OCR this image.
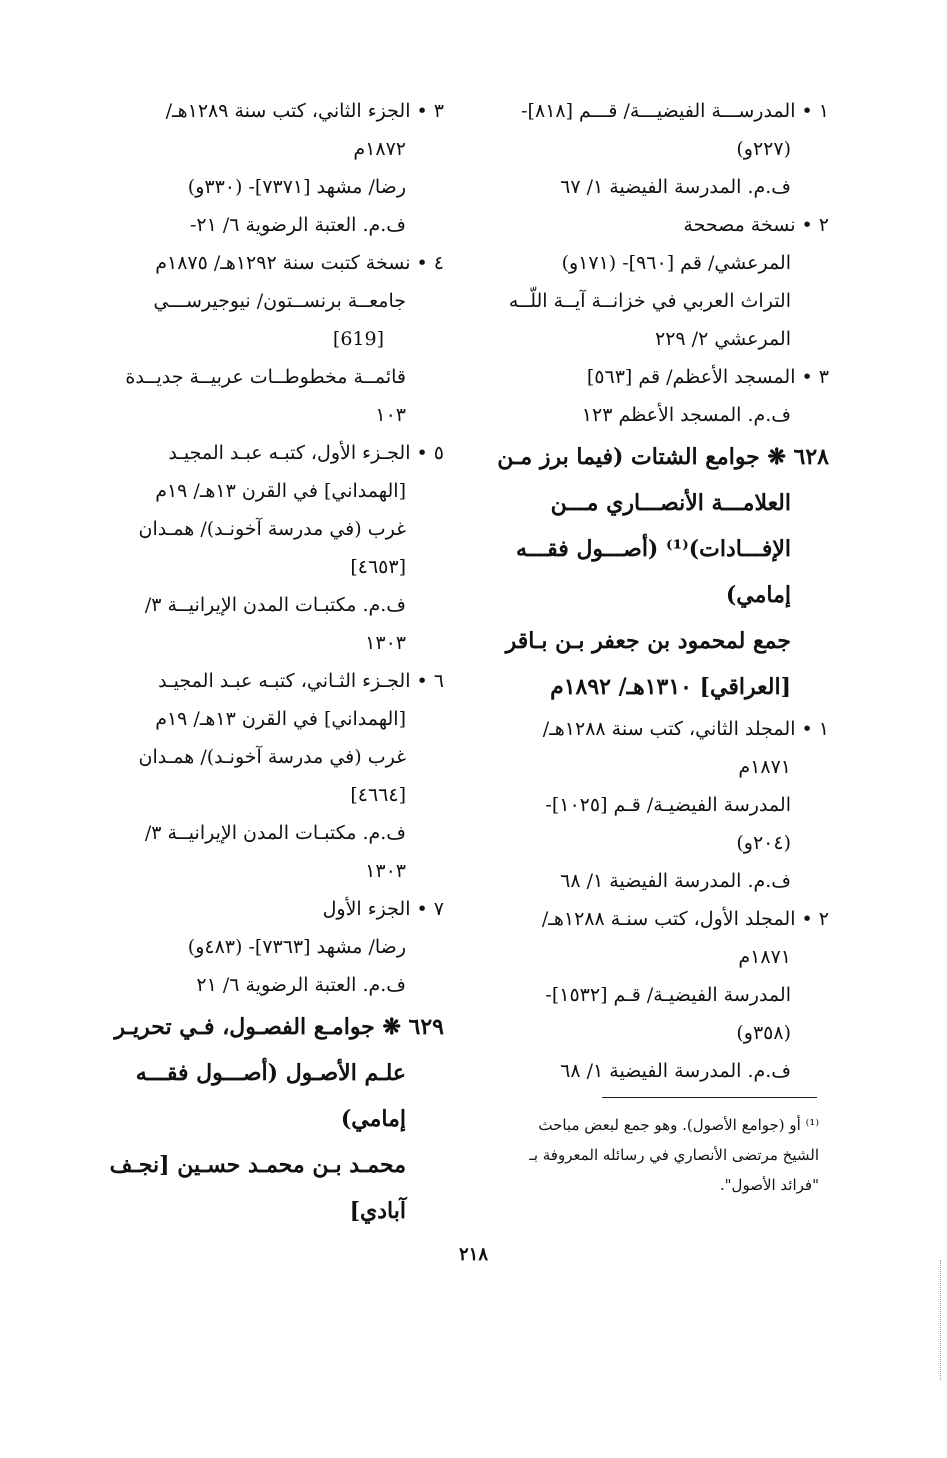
١ • المدرســـة الفيضيـــة/ قـــم [٨١٨]-
(٢٢٧و)
ف.م. المدرسة الفيضية ١/ ٦٧
٢ • نسخة مصححة
المرعشي/ قم [٩٦٠]- (١٧١و)
التراث العربي في خزانــة آيــة اللّــه
المرعشي ٢/ ٢٢٩
٣ • المسجد الأعظم/ قم [٥٦٣]
ف.م. المسجد الأعظم ١٢٣
٦٢٨ ❋ جوامع الشتات (فيما برز مـن
العلامـــة الأنصـــاري مـــن
الإفـــادات)⁽¹⁾ (أصـــول فقـــه
إمامي)
جمع لمحمود بن جعفر بـن بـاقر
[العراقي] ١٣١٠هـ/ ١٨٩٢م
١ • المجلد الثاني، كتب سنة ١٢٨٨هـ/
١٨٧١م
المدرسة الفيضيـة/ قـم [١٠٢٥]-
(٢٠٤و)
ف.م. المدرسة الفيضية ١/ ٦٨
٢ • المجلد الأول، كتب سنـة ١٢٨٨هـ/
١٨٧١م
المدرسة الفيضيـة/ قـم [١٥٣٢]-
(٣٥٨و)
ف.م. المدرسة الفيضية ١/ ٦٨
٣ • الجزء الثاني، كتب سنة ١٢٨٩هـ/
١٨٧٢م
رضا/ مشهد [٧٣٧١]- (٣٣٠و)
ف.م. العتبة الرضوية ٦/ ٢١-
٤ • نسخة كتبت سنة ١٢٩٢هـ/ ١٨٧٥م
جامعــة برنســتون/ نيوجيرســـي
[619]
قائمــة مخطوطــات عربيــة جديــدة
١٠٣
٥ • الجـزء الأول، كتبـه عبـد المجيـد
[الهمداني] في القرن ١٣هـ/ ١٩م
غرب (في مدرسة آخونـد)/ همـدان
[٤٦٥٣]
ف.م. مكتبـات المدن الإيرانيــة ٣/
١٣٠٣
٦ • الجـزء الثـاني، كتبـه عبـد المجيـد
[الهمداني] في القرن ١٣هـ/ ١٩م
غرب (في مدرسة آخونـد)/ همـدان
[٤٦٦٤]
ف.م. مكتبـات المدن الإيرانيــة ٣/
١٣٠٣
٧ • الجزء الأول
رضا/ مشهد [٧٣٦٣]- (٤٨٣و)
ف.م. العتبة الرضوية ٦/ ٢١
٦٢٩ ❋ جوامـع الفصـول، فـي تحريـر
علـم الأصـول (أصـــول فقـــه
إمامي)
محمـد بـن محمـد حسـين [نجـف
آبادي]
⁽¹⁾ أو (جوامع الأصول). وهو جمع لبعض مباحث
الشيخ مرتضى الأنصاري في رسائله المعروفة بـ
"فرائد الأصول".
٢١٨
